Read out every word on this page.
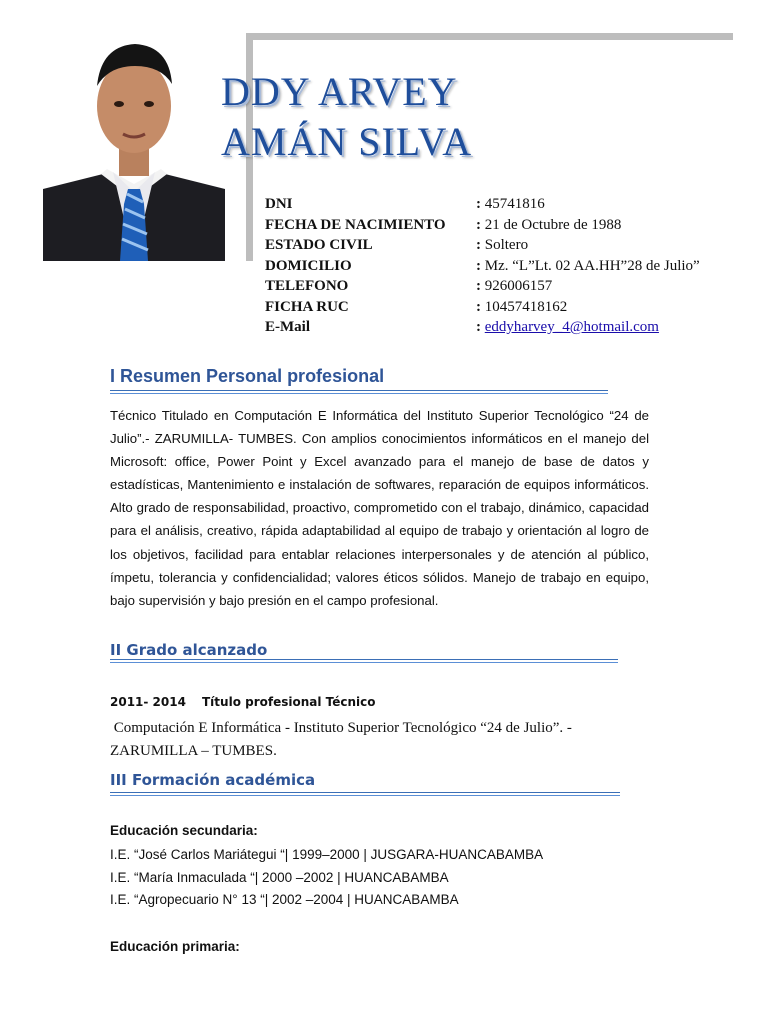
DDY ARVEY
AMÁN SILVA
DNI	: 45741816
FECHA DE NACIMIENTO : 21 de Octubre de 1988
ESTADO CIVIL	: Soltero
DOMICILIO	: Mz. “L”Lt. 02 AA.HH”28 de Julio”
TELEFONO	: 926006157
FICHA RUC	: 10457418162
E-Mail	: eddyharvey_4@hotmail.com
I Resumen Personal profesional
Técnico Titulado en Computación E Informática del Instituto Superior Tecnológico “24 de Julio”.- ZARUMILLA- TUMBES. Con amplios conocimientos informáticos en el manejo del Microsoft: office, Power Point y Excel avanzado para el manejo de base de datos y estadísticas, Mantenimiento e instalación de softwares, reparación de equipos informáticos. Alto grado de responsabilidad, proactivo, comprometido con el trabajo, dinámico, capacidad para el análisis, creativo, rápida adaptabilidad al equipo de trabajo y orientación al logro de los objetivos, facilidad para entablar relaciones interpersonales y de atención al público, ímpetu, tolerancia y confidencialidad; valores éticos sólidos. Manejo de trabajo en equipo, bajo supervisión y bajo presión en el campo profesional.
II Grado alcanzado
2011- 2014 Título profesional Técnico
Computación E Informática - Instituto Superior Tecnológico “24 de Julio”. - ZARUMILLA – TUMBES.
III Formación académica
Educación secundaria:
I.E. “José Carlos Mariátegui “| 1999–2000 | JUSGARA-HUANCABAMBA
I.E. “María Inmaculada “| 2000 –2002 | HUANCABAMBA
I.E. “Agropecuario N° 13 “| 2002 –2004 | HUANCABAMBA
Educación primaria:
